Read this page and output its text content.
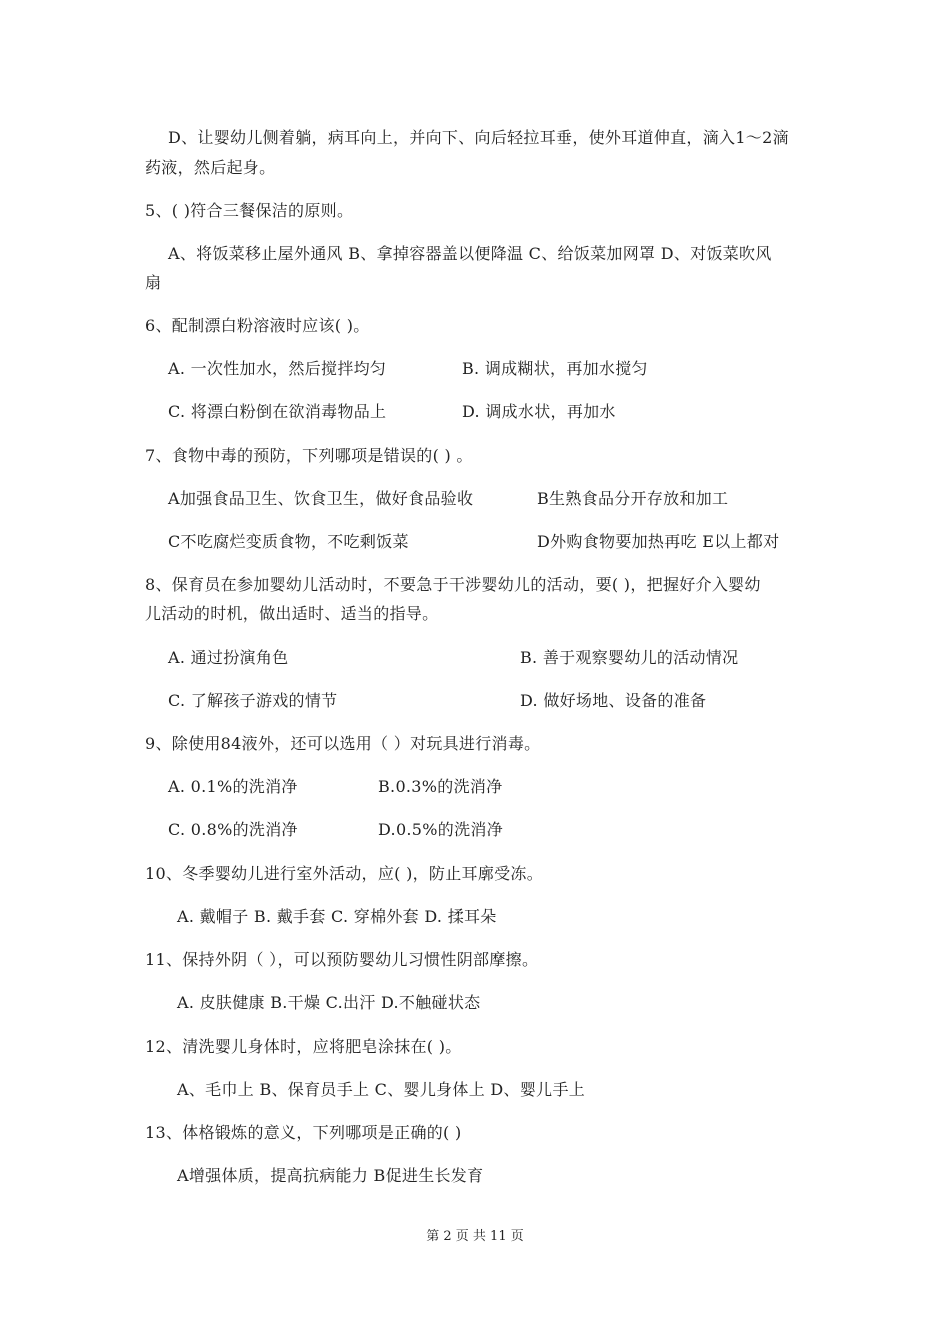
D、让婴幼儿侧着躺，病耳向上，并向下、向后轻拉耳垂，使外耳道伸直，滴入1～2滴
药液，然后起身。
5、( )符合三餐保洁的原则。
A、将饭菜移止屋外通风 B、拿掉容器盖以便降温 C、给饭菜加网罩 D、对饭菜吹风
扇
6、配制漂白粉溶液时应该( )。
A. 一次性加水，然后搅拌均匀	B. 调成糊状，再加水搅匀
C. 将漂白粉倒在欲消毒物品上	D. 调成水状，再加水
7、食物中毒的预防，下列哪项是错误的( ) 。
A加强食品卫生、饮食卫生，做好食品验收	B生熟食品分开存放和加工
C不吃腐烂变质食物，不吃剩饭菜	D外购食物要加热再吃 E以上都对
8、保育员在参加婴幼儿活动时，不要急于干涉婴幼儿的活动，要( )，把握好介入婴幼
儿活动的时机，做出适时、适当的指导。
A. 通过扮演角色	B. 善于观察婴幼儿的活动情况
C. 了解孩子游戏的情节	D. 做好场地、设备的准备
9、除使用84液外，还可以选用（ ）对玩具进行消毒。
A. 0.1%的洗消净	B.0.3%的洗消净
C. 0.8%的洗消净	D.0.5%的洗消净
10、冬季婴幼儿进行室外活动，应( )，防止耳廓受冻。
A. 戴帽子 B. 戴手套 C. 穿棉外套 D. 揉耳朵
11、保持外阴（ ），可以预防婴幼儿习惯性阴部摩擦。
A. 皮肤健康 B.干燥 C.出汗 D.不触碰状态
12、清洗婴儿身体时，应将肥皂涂抹在( )。
A、毛巾上 B、保育员手上 C、婴儿身体上 D、婴儿手上
13、体格锻炼的意义，下列哪项是正确的( )
A增强体质，提高抗病能力 B促进生长发育
第 2 页 共 11 页
